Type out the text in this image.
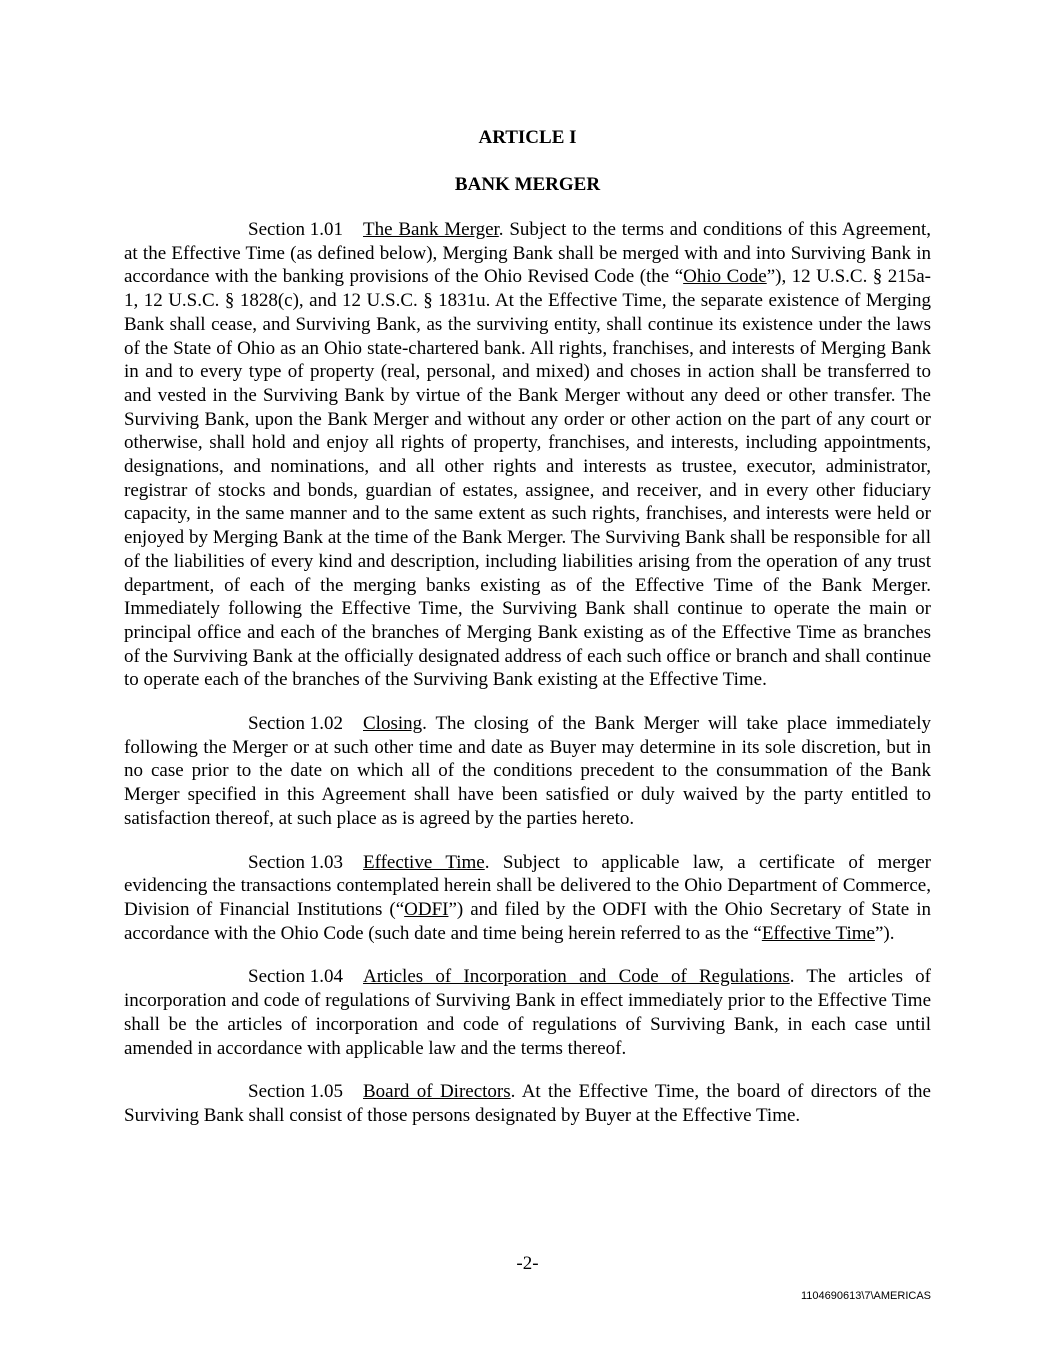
ARTICLE I
BANK MERGER

Section 1.01 The Bank Merger. Subject to the terms and conditions of this Agreement, at the Effective Time (as defined below), Merging Bank shall be merged with and into Surviving Bank in accordance with the banking provisions of the Ohio Revised Code (the “Ohio Code”), 12 U.S.C. § 215a-1, 12 U.S.C. § 1828(c), and 12 U.S.C. § 1831u. At the Effective Time, the separate existence of Merging Bank shall cease, and Surviving Bank, as the surviving entity, shall continue its existence under the laws of the State of Ohio as an Ohio state-chartered bank. All rights, franchises, and interests of Merging Bank in and to every type of property (real, personal, and mixed) and choses in action shall be transferred to and vested in the Surviving Bank by virtue of the Bank Merger without any deed or other transfer. The Surviving Bank, upon the Bank Merger and without any order or other action on the part of any court or otherwise, shall hold and enjoy all rights of property, franchises, and interests, including appointments, designations, and nominations, and all other rights and interests as trustee, executor, administrator, registrar of stocks and bonds, guardian of estates, assignee, and receiver, and in every other fiduciary capacity, in the same manner and to the same extent as such rights, franchises, and interests were held or enjoyed by Merging Bank at the time of the Bank Merger. The Surviving Bank shall be responsible for all of the liabilities of every kind and description, including liabilities arising from the operation of any trust department, of each of the merging banks existing as of the Effective Time of the Bank Merger. Immediately following the Effective Time, the Surviving Bank shall continue to operate the main or principal office and each of the branches of Merging Bank existing as of the Effective Time as branches of the Surviving Bank at the officially designated address of each such office or branch and shall continue to operate each of the branches of the Surviving Bank existing at the Effective Time.

Section 1.02 Closing. The closing of the Bank Merger will take place immediately following the Merger or at such other time and date as Buyer may determine in its sole discretion, but in no case prior to the date on which all of the conditions precedent to the consummation of the Bank Merger specified in this Agreement shall have been satisfied or duly waived by the party entitled to satisfaction thereof, at such place as is agreed by the parties hereto.

Section 1.03 Effective Time. Subject to applicable law, a certificate of merger evidencing the transactions contemplated herein shall be delivered to the Ohio Department of Commerce, Division of Financial Institutions (“ODFI”) and filed by the ODFI with the Ohio Secretary of State in accordance with the Ohio Code (such date and time being herein referred to as the “Effective Time”).

Section 1.04 Articles of Incorporation and Code of Regulations. The articles of incorporation and code of regulations of Surviving Bank in effect immediately prior to the Effective Time shall be the articles of incorporation and code of regulations of Surviving Bank, in each case until amended in accordance with applicable law and the terms thereof.

Section 1.05 Board of Directors. At the Effective Time, the board of directors of the Surviving Bank shall consist of those persons designated by Buyer at the Effective Time.

-2-
1104690613\7\AMERICAS
